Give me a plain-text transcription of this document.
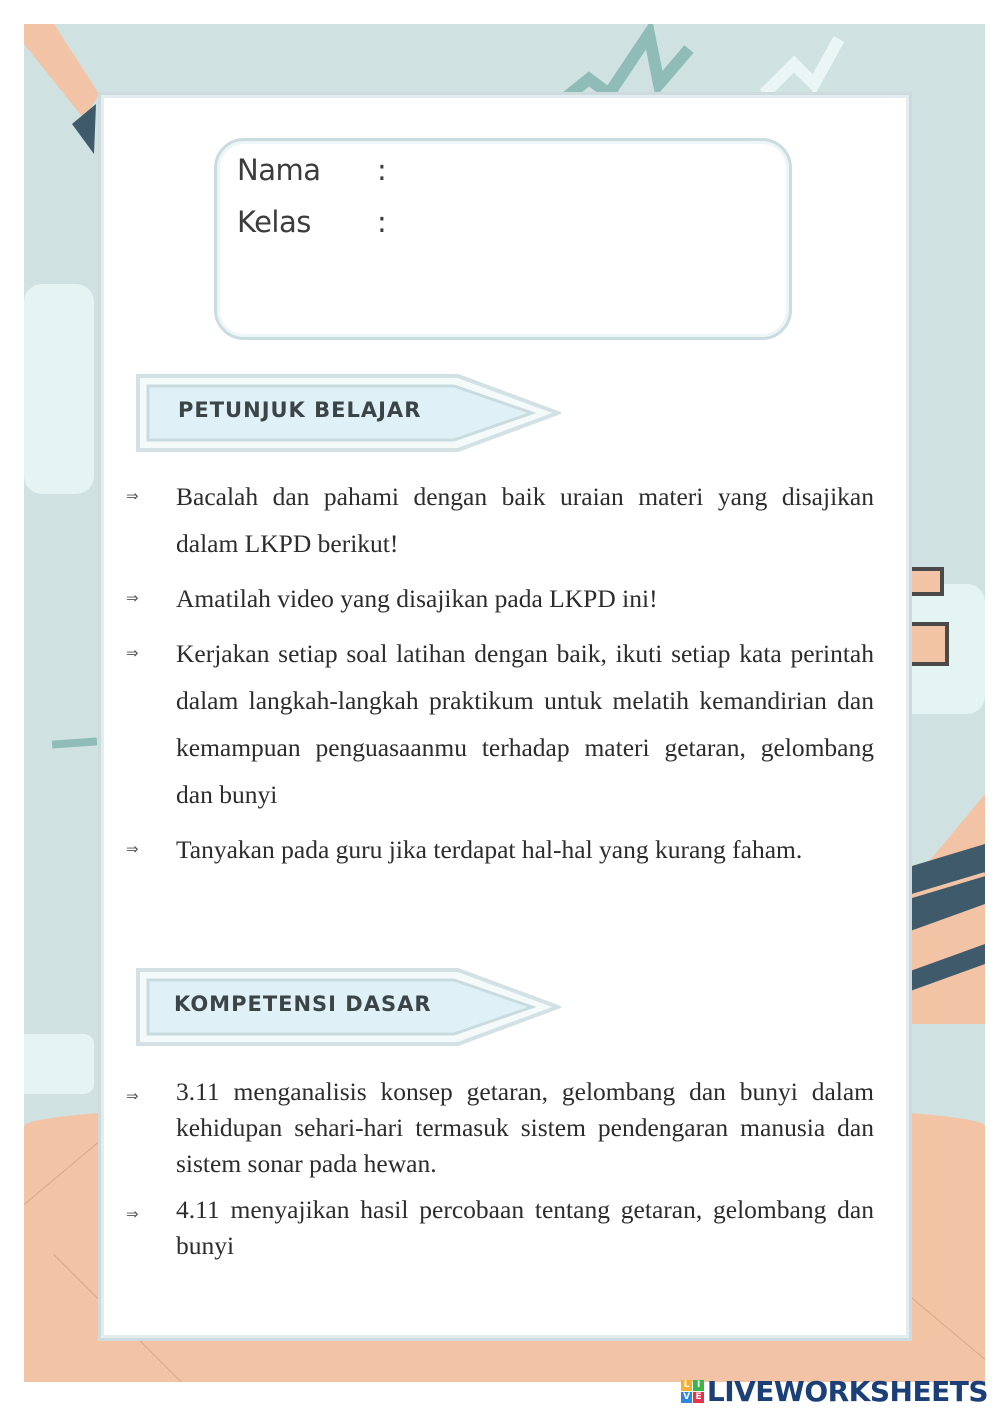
Nama :
Kelas :
PETUNJUK BELAJAR
⇒ Bacalah dan pahami dengan baik uraian materi yang disajikan dalam LKPD berikut!
⇒ Amatilah video yang disajikan pada LKPD ini!
⇒ Kerjakan setiap soal latihan dengan baik, ikuti setiap kata perintah dalam langkah-langkah praktikum untuk melatih kemandirian dan kemampuan penguasaanmu terhadap materi getaran, gelombang dan bunyi
⇒ Tanyakan pada guru jika terdapat hal-hal yang kurang faham.
KOMPETENSI DASAR
⇒ 3.11 menganalisis konsep getaran, gelombang dan bunyi dalam kehidupan sehari-hari termasuk sistem pendengaran manusia dan sistem sonar pada hewan.
⇒ 4.11 menyajikan hasil percobaan tentang getaran, gelombang dan bunyi
L I
V E LIVEWORKSHEETS
